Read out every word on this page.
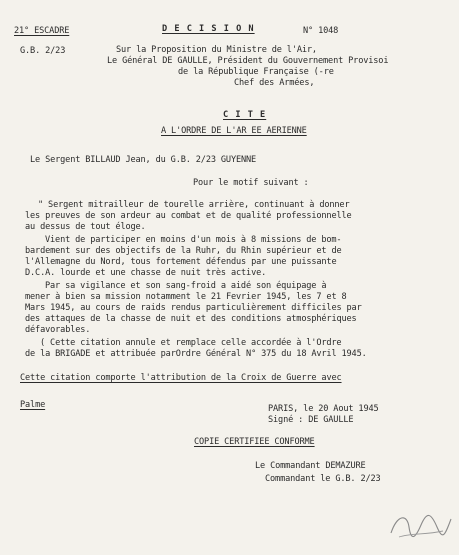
21° ESCADRE
G.B. 2/23
D E C I S I O N	N° 1048
Sur la Proposition du Ministre de l'Air,
Le Général DE GAULLE, Président du Gouvernement Provisoi
de la République Française (-re
Chef des Armées,
C I T E
A L'ORDRE DE L'AR EE AERIENNE
Le Sergent BILLAUD Jean, du G.B. 2/23 GUYENNE
Pour le motif suivant :
" Sergent mitrailleur de tourelle arrière, continuant à donner
les preuves de son ardeur au combat et de qualité professionnelle
au dessus de tout éloge.
Vient de participer en moins d'un mois à 8 missions de bom-
bardement sur des objectifs de la Ruhr, du Rhin supérieur et de
l'Allemagne du Nord, tous fortement défendus par une puissante
D.C.A. lourde et une chasse de nuit très active.
Par sa vigilance et son sang-froid a aidé son équipage à
mener à bien sa mission notamment le 21 Fevrier 1945, les 7 et 8
Mars 1945, au cours de raids rendus particulièrement difficiles par
des attaques de la chasse de nuit et des conditions atmosphériques
défavorables.
( Cette citation annule et remplace celle accordée à l'Ordre
de la BRIGADE et attribuée parOrdre Général N° 375 du 18 Avril 1945.
Cette citation comporte l'attribution de la Croix de Guerre avec
Palme	PARIS, le 20 Aout 1945
Signé : DE GAULLE
COPIE CERTIFIEE CONFORME
Le Commandant DEMAZURE
Commandant le G.B. 2/23
